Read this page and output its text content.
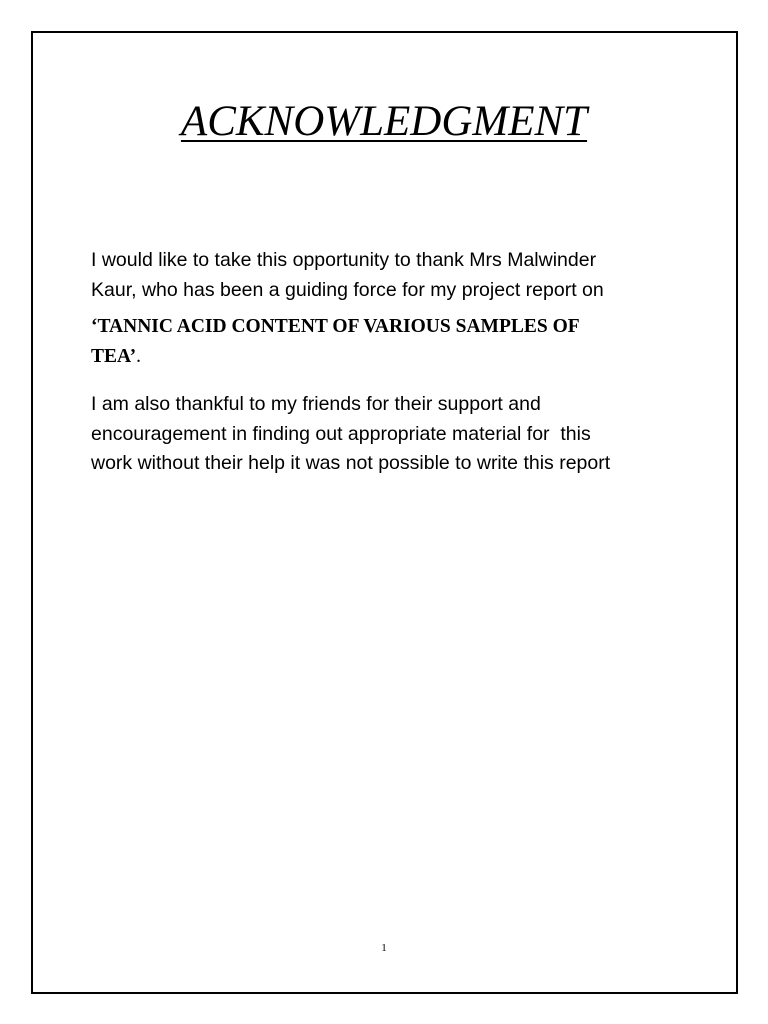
ACKNOWLEDGMENT
I would like to take this opportunity to thank Mrs Malwinder
Kaur, who has been a guiding force for my project report on
‘TANNIC ACID CONTENT OF VARIOUS SAMPLES OF
TEA’.
I am also thankful to my friends for their support and
encouragement in finding out appropriate material for  this
work without their help it was not possible to write this report
1
